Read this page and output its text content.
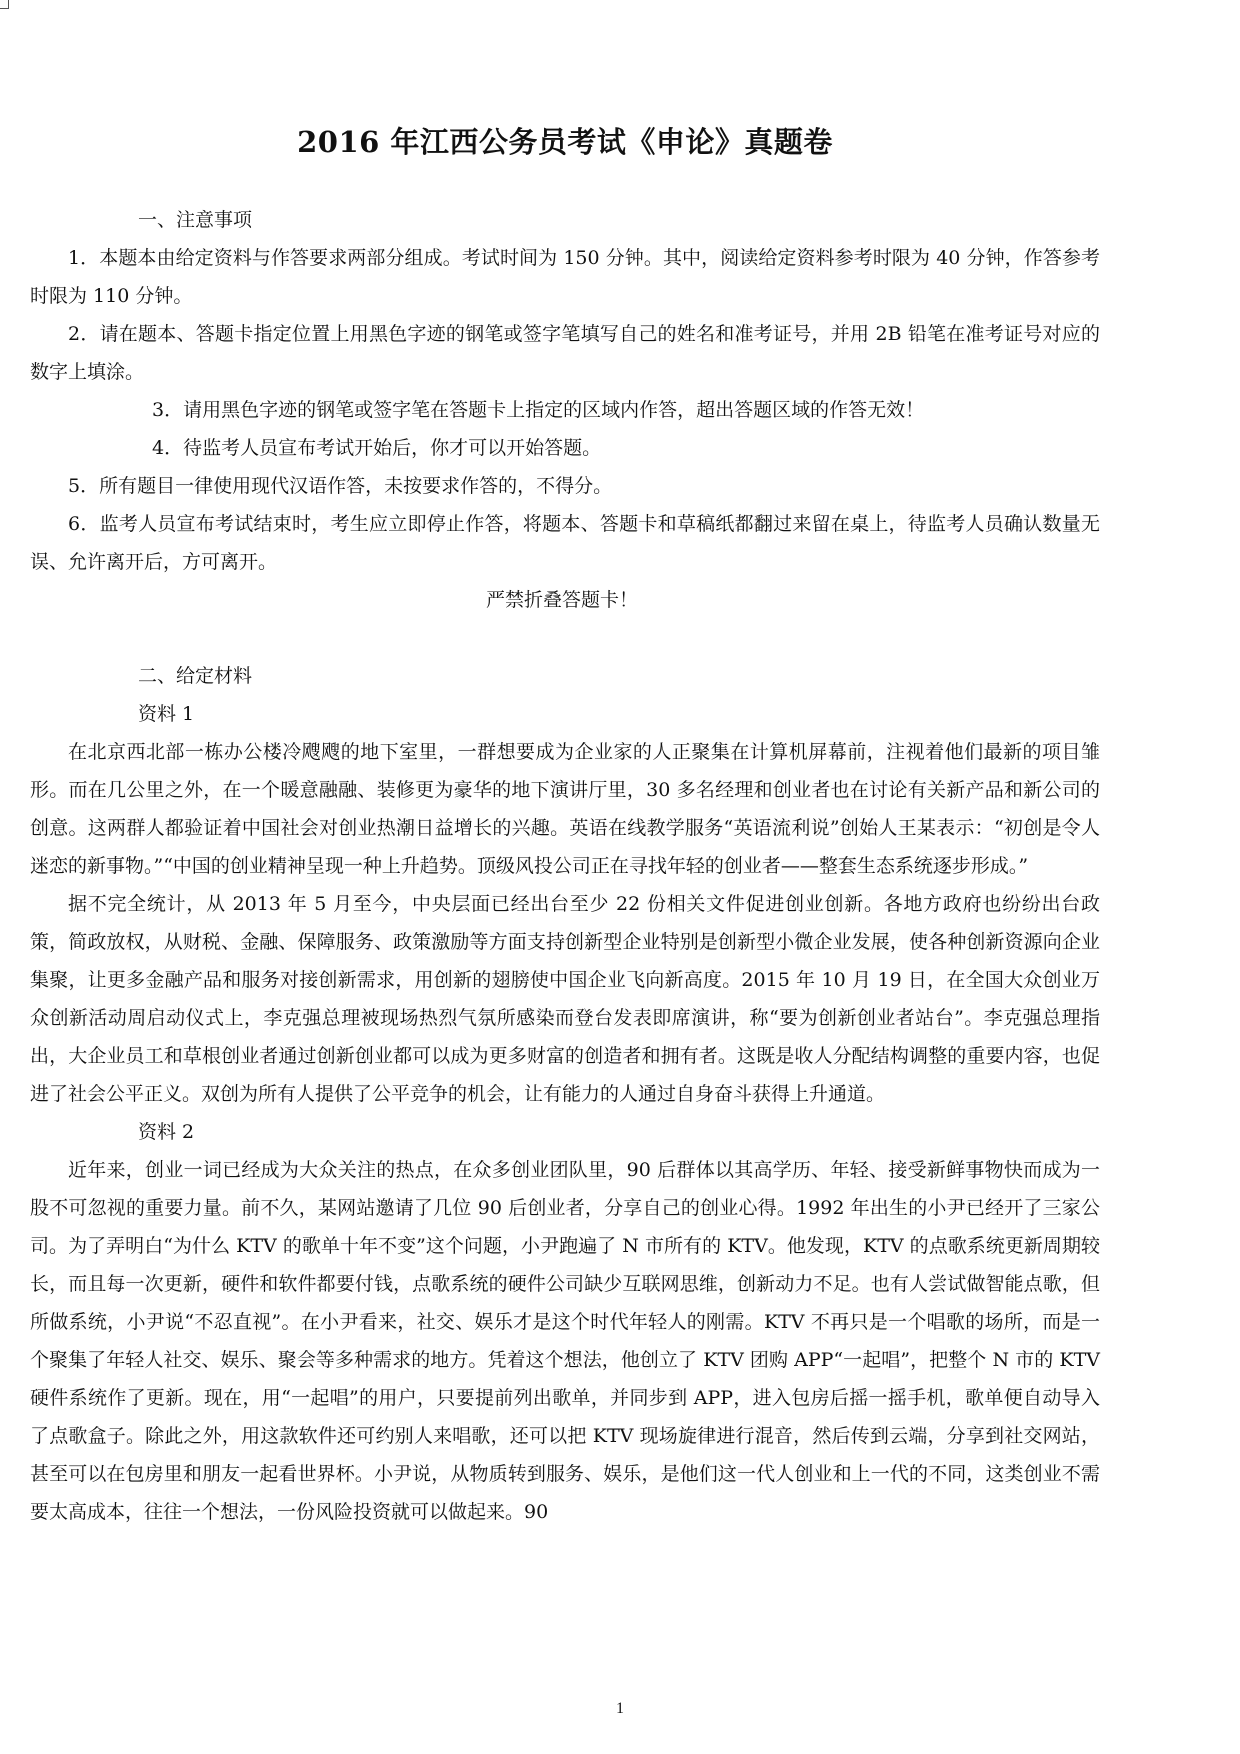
2016 年江西公务员考试《申论》真题卷

一、注意事项

1．本题本由给定资料与作答要求两部分组成。考试时间为 150 分钟。其中，阅读给定资料参考时限为 40 分钟，作答参考时限为 110 分钟。

2．请在题本、答题卡指定位置上用黑色字迹的钢笔或签字笔填写自己的姓名和准考证号，并用 2B 铅笔在准考证号对应的数字上填涂。

3．请用黑色字迹的钢笔或签字笔在答题卡上指定的区域内作答，超出答题区域的作答无效！

4．待监考人员宣布考试开始后，你才可以开始答题。

5．所有题目一律使用现代汉语作答，未按要求作答的，不得分。

6．监考人员宣布考试结束时，考生应立即停止作答，将题本、答题卡和草稿纸都翻过来留在桌上，待监考人员确认数量无误、允许离开后，方可离开。

严禁折叠答题卡！

二、给定材料

资料 1

在北京西北部一栋办公楼冷飕飕的地下室里，一群想要成为企业家的人正聚集在计算机屏幕前，注视着他们最新的项目雏形。而在几公里之外，在一个暖意融融、装修更为豪华的地下演讲厅里，30 多名经理和创业者也在讨论有关新产品和新公司的创意。这两群人都验证着中国社会对创业热潮日益增长的兴趣。英语在线教学服务“英语流利说”创始人王某表示：“初创是令人迷恋的新事物。”“中国的创业精神呈现一种上升趋势。顶级风投公司正在寻找年轻的创业者——整套生态系统逐步形成。”

据不完全统计，从 2013 年 5 月至今，中央层面已经出台至少 22 份相关文件促进创业创新。各地方政府也纷纷出台政策，简政放权，从财税、金融、保障服务、政策激励等方面支持创新型企业特别是创新型小微企业发展，使各种创新资源向企业集聚，让更多金融产品和服务对接创新需求，用创新的翅膀使中国企业飞向新高度。2015 年 10 月 19 日，在全国大众创业万众创新活动周启动仪式上，李克强总理被现场热烈气氛所感染而登台发表即席演讲，称“要为创新创业者站台”。李克强总理指出，大企业员工和草根创业者通过创新创业都可以成为更多财富的创造者和拥有者。这既是收人分配结构调整的重要内容，也促进了社会公平正义。双创为所有人提供了公平竞争的机会，让有能力的人通过自身奋斗获得上升通道。

资料 2

近年来，创业一词已经成为大众关注的热点，在众多创业团队里，90 后群体以其高学历、年轻、接受新鲜事物快而成为一股不可忽视的重要力量。前不久，某网站邀请了几位 90 后创业者，分享自己的创业心得。1992 年出生的小尹已经开了三家公司。为了弄明白“为什么 KTV 的歌单十年不变”这个问题，小尹跑遍了 N 市所有的 KTV。他发现，KTV 的点歌系统更新周期较长，而且每一次更新，硬件和软件都要付钱，点歌系统的硬件公司缺少互联网思维，创新动力不足。也有人尝试做智能点歌，但所做系统，小尹说“不忍直视”。在小尹看来，社交、娱乐才是这个时代年轻人的刚需。KTV 不再只是一个唱歌的场所，而是一个聚集了年轻人社交、娱乐、聚会等多种需求的地方。凭着这个想法，他创立了 KTV 团购 APP“一起唱”，把整个 N 市的 KTV 硬件系统作了更新。现在，用“一起唱”的用户，只要提前列出歌单，并同步到 APP，进入包房后摇一摇手机，歌单便自动导入了点歌盒子。除此之外，用这款软件还可约别人来唱歌，还可以把 KTV 现场旋律进行混音，然后传到云端，分享到社交网站，甚至可以在包房里和朋友一起看世界杯。小尹说，从物质转到服务、娱乐，是他们这一代人创业和上一代的不同，这类创业不需要太高成本，往往一个想法，一份风险投资就可以做起来。90

1
